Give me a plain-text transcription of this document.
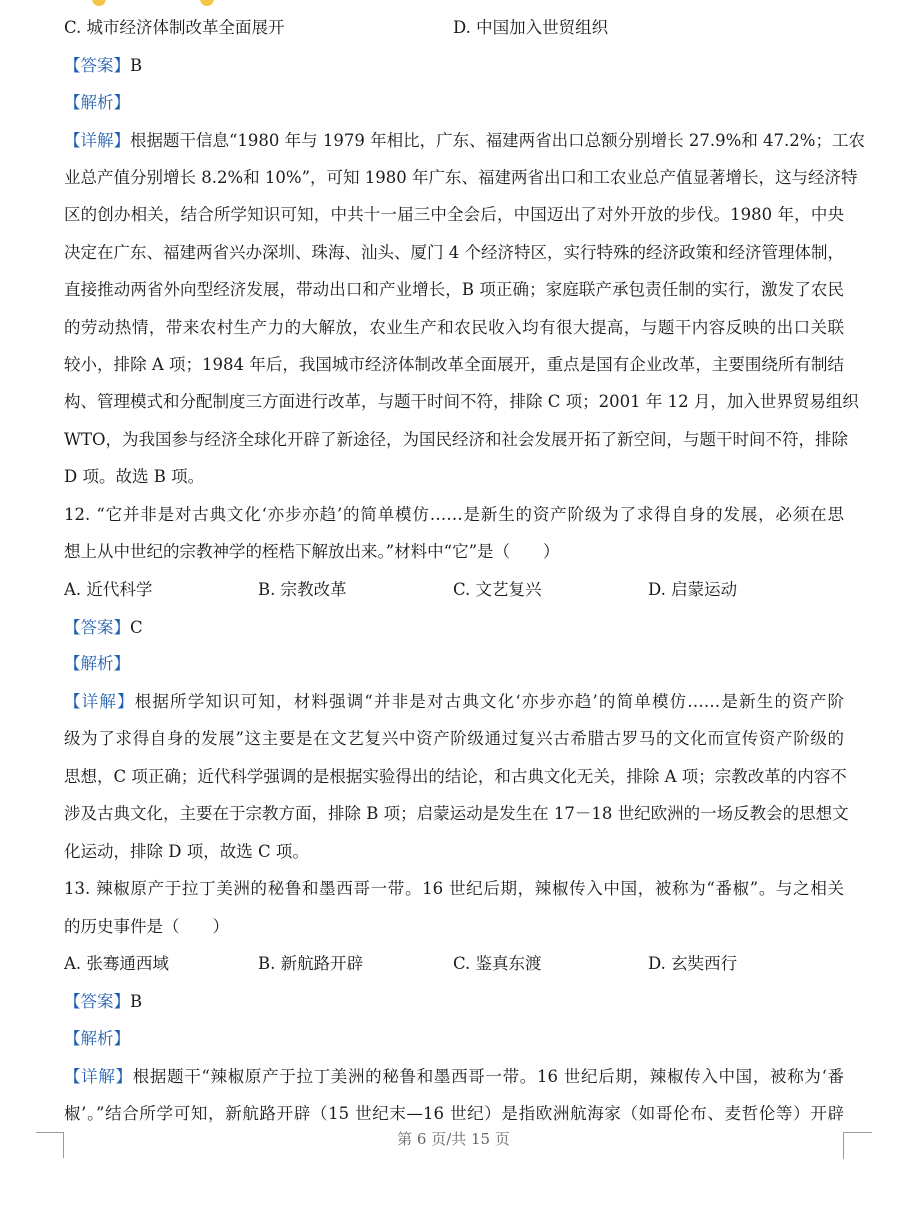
C. 城市经济体制改革全面展开	D. 中国加入世贸组织
【答案】B
【解析】
【详解】根据题干信息“1980 年与 1979 年相比，广东、福建两省出口总额分别增长 27.9%和 47.2%；工农
业总产值分别增长 8.2%和 10%”，可知 1980 年广东、福建两省出口和工农业总产值显著增长，这与经济特
区的创办相关，结合所学知识可知，中共十一届三中全会后，中国迈出了对外开放的步伐。1980 年，中央
决定在广东、福建两省兴办深圳、珠海、汕头、厦门 4 个经济特区，实行特殊的经济政策和经济管理体制，
直接推动两省外向型经济发展，带动出口和产业增长，B 项正确；家庭联产承包责任制的实行，激发了农民
的劳动热情，带来农村生产力的大解放，农业生产和农民收入均有很大提高，与题干内容反映的出口关联
较小，排除 A 项；1984 年后，我国城市经济体制改革全面展开，重点是国有企业改革，主要围绕所有制结
构、管理模式和分配制度三方面进行改革，与题干时间不符，排除 C 项；2001 年 12 月，加入世界贸易组织
WTO，为我国参与经济全球化开辟了新途径，为国民经济和社会发展开拓了新空间，与题干时间不符，排除
D 项。故选 B 项。
12. “它并非是对古典文化‘亦步亦趋’的简单模仿……是新生的资产阶级为了求得自身的发展，必须在思
想上从中世纪的宗教神学的桎梏下解放出来。”材料中“它”是（　　）
A. 近代科学	B. 宗教改革	C. 文艺复兴	D. 启蒙运动
【答案】C
【解析】
【详解】根据所学知识可知，材料强调“并非是对古典文化‘亦步亦趋’的简单模仿……是新生的资产阶
级为了求得自身的发展”这主要是在文艺复兴中资产阶级通过复兴古希腊古罗马的文化而宣传资产阶级的
思想，C 项正确；近代科学强调的是根据实验得出的结论，和古典文化无关，排除 A 项；宗教改革的内容不
涉及古典文化，主要在于宗教方面，排除 B 项；启蒙运动是发生在 17－18 世纪欧洲的一场反教会的思想文
化运动，排除 D 项，故选 C 项。
13. 辣椒原产于拉丁美洲的秘鲁和墨西哥一带。16 世纪后期，辣椒传入中国，被称为“番椒”。与之相关
的历史事件是（　　）
A. 张骞通西域	B. 新航路开辟	C. 鉴真东渡	D. 玄奘西行
【答案】B
【解析】
【详解】根据题干“辣椒原产于拉丁美洲的秘鲁和墨西哥一带。16 世纪后期，辣椒传入中国，被称为‘番
椒’。”结合所学可知，新航路开辟（15 世纪末—16 世纪）是指欧洲航海家（如哥伦布、麦哲伦等）开辟
第 6 页/共 15 页
